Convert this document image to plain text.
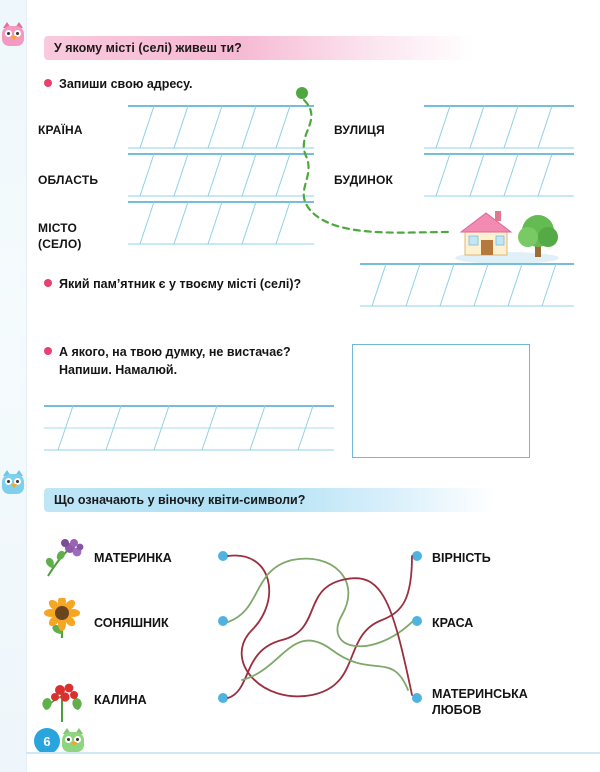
У якому місті (селі) живеш ти?
Запиши свою адресу.
КРАЇНА
ОБЛАСТЬ
МІСТО
(СЕЛО)
ВУЛИЦЯ
БУДИНОК
Який пам’ятник є у твоєму місті (селі)?
А якого, на твою думку, не вистачає? Напиши. Намалюй.
Що означають у віночку квіти-символи?
МАТЕРИНКА
СОНЯШНИК
КАЛИНА
ВІРНІСТЬ
КРАСА
МАТЕРИНСЬКА
ЛЮБОВ
6
